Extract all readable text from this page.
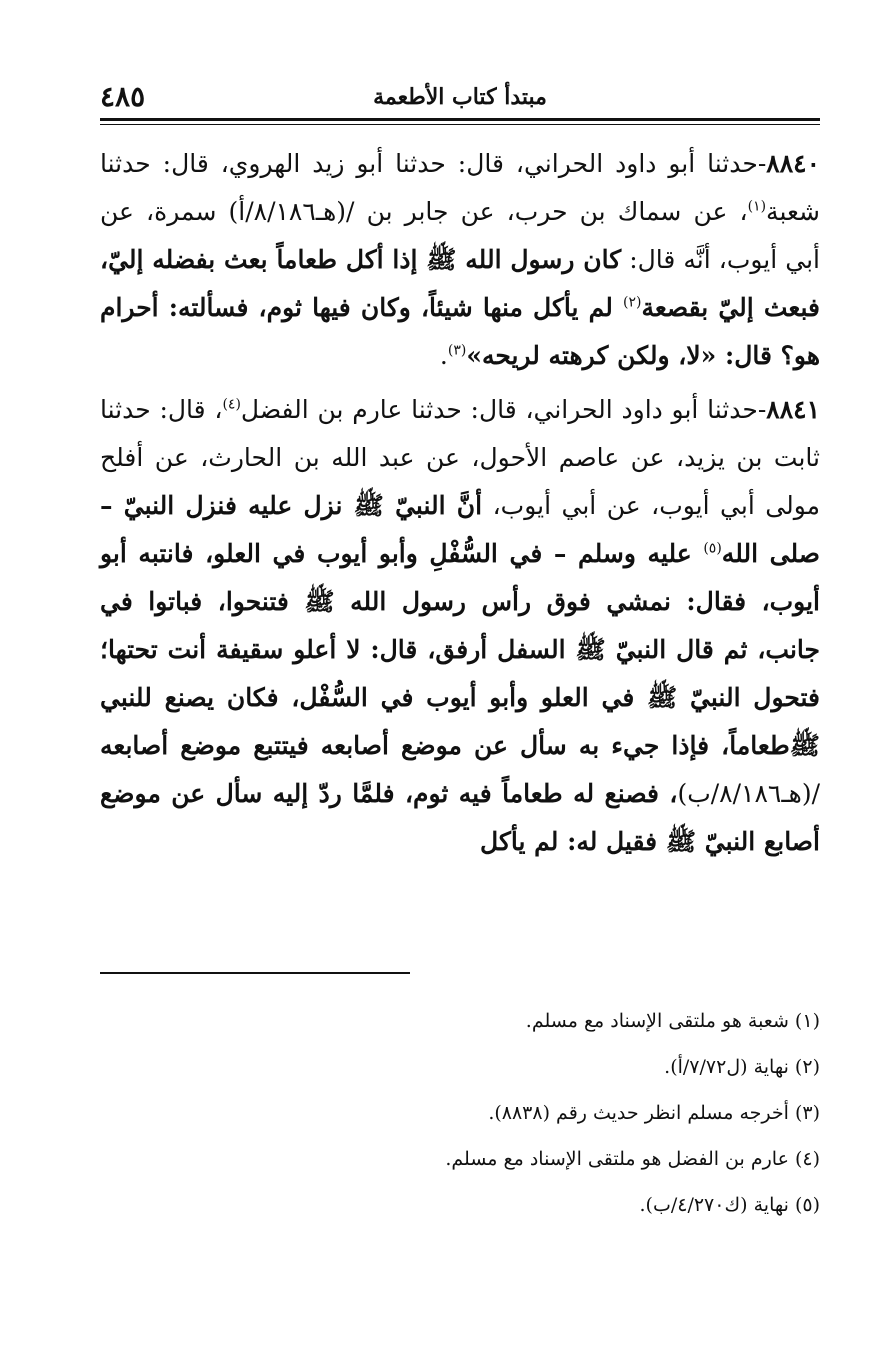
مبتدأ كتاب الأطعمة
٤٨٥

٨٨٤٠-حدثنا أبو داود الحراني، قال: حدثنا أبو زيد الهروي، قال: حدثنا شعبة$^{(١)}$، عن سماك بن حرب، عن جابر بن /(هـ٨/١٨٦/أ) سمرة، عن أبي أيوب، أنَّه قال: كان رسول الله ﷺ إذا أكل طعاماً بعث بفضله إليّ، فبعث إليّ بقصعة$^{(٢)}$ لم يأكل منها شيئاً، وكان فيها ثوم، فسألته: أحرام هو؟ قال: «لا، ولكن كرهته لريحه»$^{(٣)}$.

٨٨٤١-حدثنا أبو داود الحراني، قال: حدثنا عارم بن الفضل$^{(٤)}$، قال: حدثنا ثابت بن يزيد، عن عاصم الأحول، عن عبد الله بن الحارث، عن أفلح مولى أبي أيوب، عن أبي أيوب، أنَّ النبيّ ﷺ نزل عليه فنزل النبيّ – صلى الله$^{(٥)}$ عليه وسلم – في السُّفْلِ وأبو أيوب في العلو، فانتبه أبو أيوب، فقال: نمشي فوق رأس رسول الله ﷺ فتنحوا، فباتوا في جانب، ثم قال النبيّ ﷺ السفل أرفق، قال: لا أعلو سقيفة أنت تحتها؛ فتحول النبيّ ﷺ في العلو وأبو أيوب في السُّفْل، فكان يصنع للنبي ﷺطعاماً، فإذا جيء به سأل عن موضع أصابعه فيتتبع موضع أصابعه /(هـ٨/١٨٦/ب)، فصنع له طعاماً فيه ثوم، فلمَّا ردّ إليه سأل عن موضع أصابع النبيّ ﷺ فقيل له: لم يأكل

(١) شعبة هو ملتقى الإسناد مع مسلم.

(٢) نهاية (ل٧/٧٢/أ).

(٣) أخرجه مسلم انظر حديث رقم (٨٨٣٨).

(٤) عارم بن الفضل هو ملتقى الإسناد مع مسلم.

(٥) نهاية (ك٤/٢٧٠/ب).
